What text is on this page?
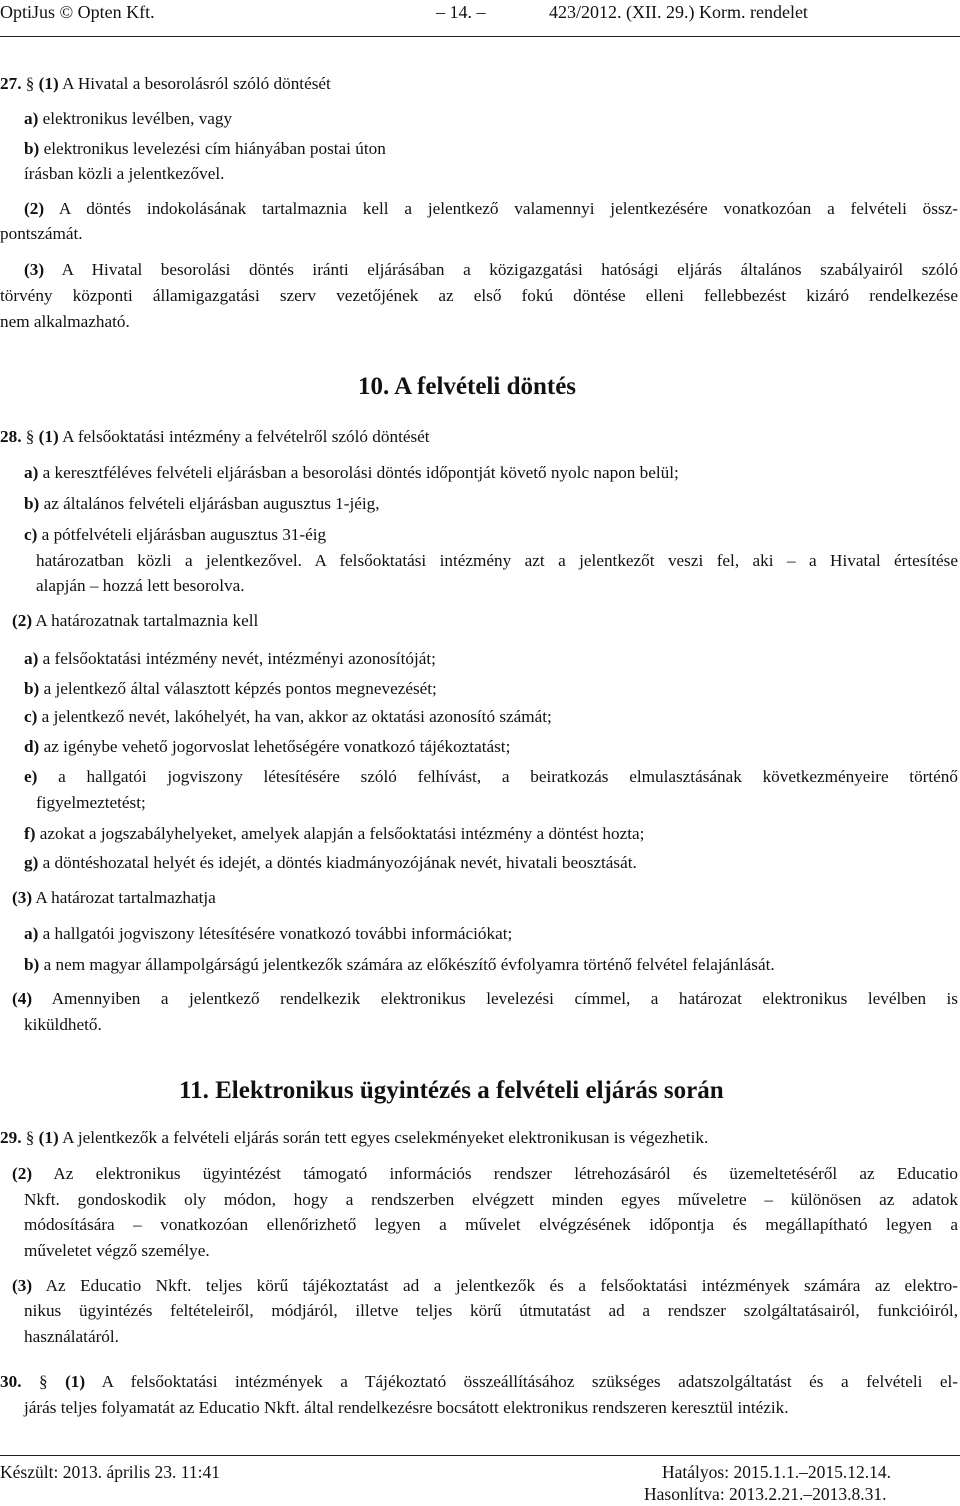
OptiJus © Opten Kft.	– 14. –	423/2012. (XII. 29.) Korm. rendelet
27. § (1) A Hivatal a besorolásról szóló döntését
a) elektronikus levélben, vagy
b) elektronikus levelezési cím hiányában postai úton
írásban közli a jelentkezővel.
(2) A döntés indokolásának tartalmaznia kell a jelentkező valamennyi jelentkezésére vonatkozóan a felvételi össz-
pontszámát.
(3) A Hivatal besorolási döntés iránti eljárásában a közigazgatási hatósági eljárás általános szabályairól szóló
törvény központi államigazgatási szerv vezetőjének az első fokú döntése elleni fellebbezést kizáró rendelkezése
nem alkalmazható.
10. A felvételi döntés
28. § (1) A felsőoktatási intézmény a felvételről szóló döntését
a) a keresztféléves felvételi eljárásban a besorolási döntés időpontját követő nyolc napon belül;
b) az általános felvételi eljárásban augusztus 1-jéig,
c) a pótfelvételi eljárásban augusztus 31-éig
határozatban közli a jelentkezővel. A felsőoktatási intézmény azt a jelentkezőt veszi fel, aki – a Hivatal értesítése
alapján – hozzá lett besorolva.
(2) A határozatnak tartalmaznia kell
a) a felsőoktatási intézmény nevét, intézményi azonosítóját;
b) a jelentkező által választott képzés pontos megnevezését;
c) a jelentkező nevét, lakóhelyét, ha van, akkor az oktatási azonosító számát;
d) az igénybe vehető jogorvoslat lehetőségére vonatkozó tájékoztatást;
e) a hallgatói jogviszony létesítésére szóló felhívást, a beiratkozás elmulasztásának következményeire történő
figyelmeztetést;
f) azokat a jogszabályhelyeket, amelyek alapján a felsőoktatási intézmény a döntést hozta;
g) a döntéshozatal helyét és idejét, a döntés kiadmányozójának nevét, hivatali beosztását.
(3) A határozat tartalmazhatja
a) a hallgatói jogviszony létesítésére vonatkozó további információkat;
b) a nem magyar állampolgárságú jelentkezők számára az előkészítő évfolyamra történő felvétel felajánlását.
(4) Amennyiben a jelentkező rendelkezik elektronikus levelezési címmel, a határozat elektronikus levélben is
kiküldhető.
11. Elektronikus ügyintézés a felvételi eljárás során
29. § (1) A jelentkezők a felvételi eljárás során tett egyes cselekményeket elektronikusan is végezhetik.
(2) Az elektronikus ügyintézést támogató információs rendszer létrehozásáról és üzemeltetéséről az Educatio
Nkft. gondoskodik oly módon, hogy a rendszerben elvégzett minden egyes műveletre – különösen az adatok
módosítására – vonatkozóan ellenőrizhető legyen a művelet elvégzésének időpontja és megállapítható legyen a
műveletet végző személye.
(3) Az Educatio Nkft. teljes körű tájékoztatást ad a jelentkezők és a felsőoktatási intézmények számára az elektro-
nikus ügyintézés feltételeiről, módjáról, illetve teljes körű útmutatást ad a rendszer szolgáltatásairól, funkcióiról,
használatáról.
30. § (1) A felsőoktatási intézmények a Tájékoztató összeállításához szükséges adatszolgáltatást és a felvételi el-
járás teljes folyamatát az Educatio Nkft. által rendelkezésre bocsátott elektronikus rendszeren keresztül intézik.
Készült: 2013. április 23. 11:41	Hatályos: 2015.1.1.–2015.12.14.
Hasonlítva: 2013.2.21.–2013.8.31.
